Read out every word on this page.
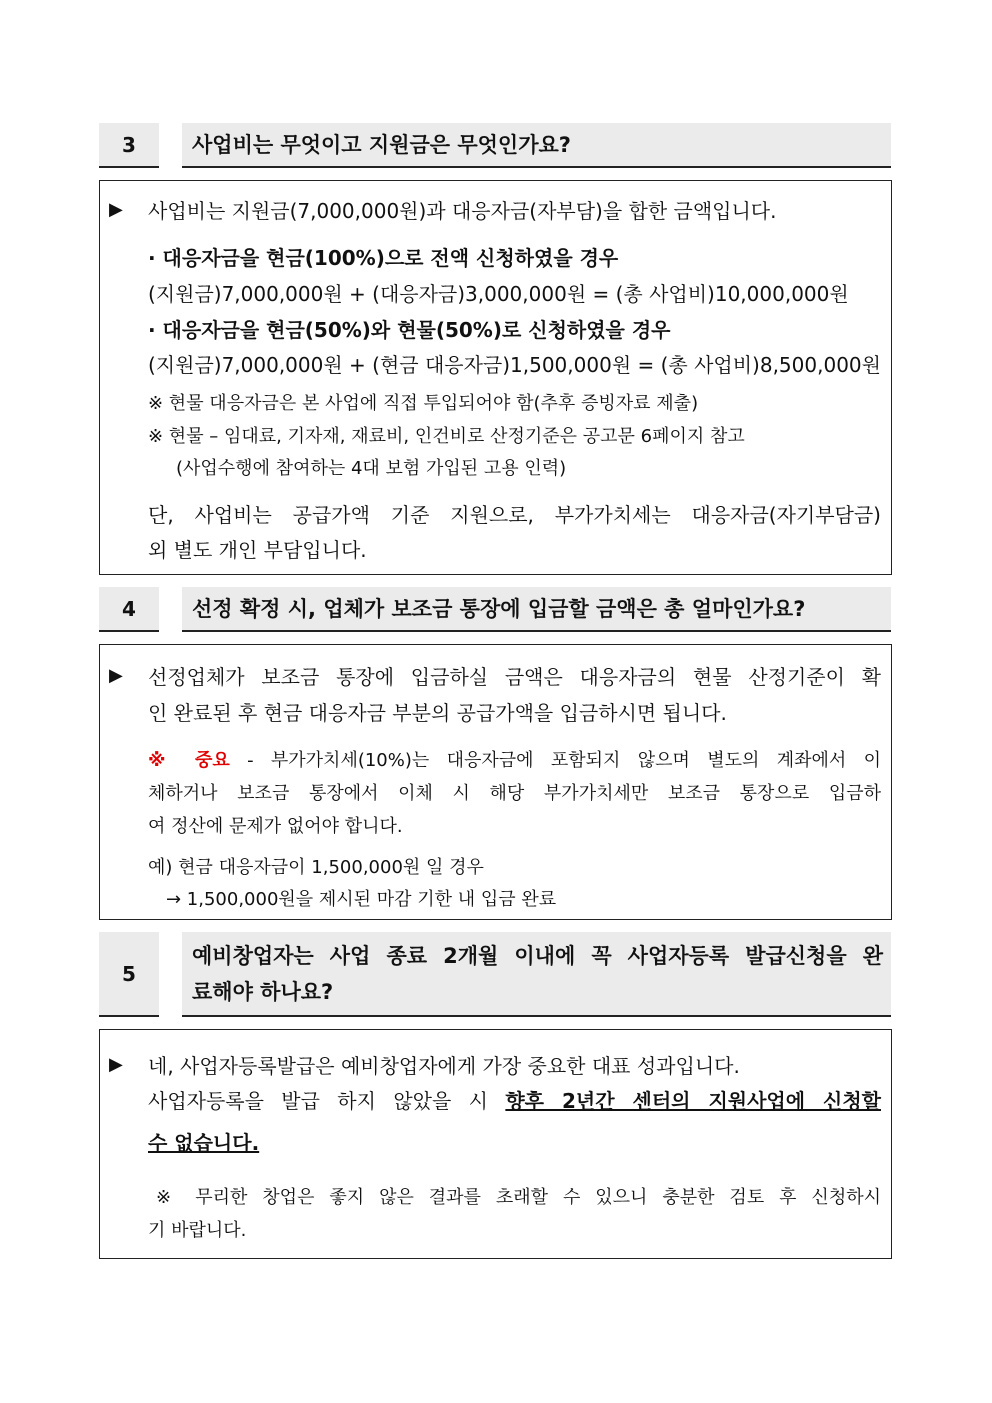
3	사업비는 무엇이고 지원금은 무엇인가요?
▶ 사업비는 지원금(7,000,000원)과 대응자금(자부담)을 합한 금액입니다.
· 대응자금을 현금(100%)으로 전액 신청하였을 경우
(지원금)7,000,000원 + (대응자금)3,000,000원 = (총 사업비)10,000,000원
· 대응자금을 현금(50%)와 현물(50%)로 신청하였을 경우
(지원금)7,000,000원 + (현금 대응자금)1,500,000원 = (총 사업비)8,500,000원
※ 현물 대응자금은 본 사업에 직접 투입되어야 함(추후 증빙자료 제출)
※ 현물 – 임대료, 기자재, 재료비, 인건비로 산정기준은 공고문 6페이지 참고
(사업수행에 참여하는 4대 보험 가입된 고용 인력)
단, 사업비는 공급가액 기준 지원으로, 부가가치세는 대응자금(자기부담금)
외 별도 개인 부담입니다.
4	선정 확정 시, 업체가 보조금 통장에 입금할 금액은 총 얼마인가요?
▶ 선정업체가 보조금 통장에 입금하실 금액은 대응자금의 현물 산정기준이 확
인 완료된 후 현금 대응자금 부분의 공급가액을 입금하시면 됩니다.
※ 중요 - 부가가치세(10%)는 대응자금에 포함되지 않으며 별도의 계좌에서 이
체하거나 보조금 통장에서 이체 시 해당 부가가치세만 보조금 통장으로 입금하
여 정산에 문제가 없어야 합니다.
예) 현금 대응자금이 1,500,000원 일 경우
→ 1,500,000원을 제시된 마감 기한 내 입금 완료
5
예비창업자는 사업 종료 2개월 이내에 꼭 사업자등록 발급신청을 완
료해야 하나요?
▶ 네, 사업자등록발급은 예비창업자에게 가장 중요한 대표 성과입니다.
사업자등록을 발급 하지 않았을 시 향후 2년간 센터의 지원사업에 신청할
수 없습니다.
※ 무리한 창업은 좋지 않은 결과를 초래할 수 있으니 충분한 검토 후 신청하시
기 바랍니다.
